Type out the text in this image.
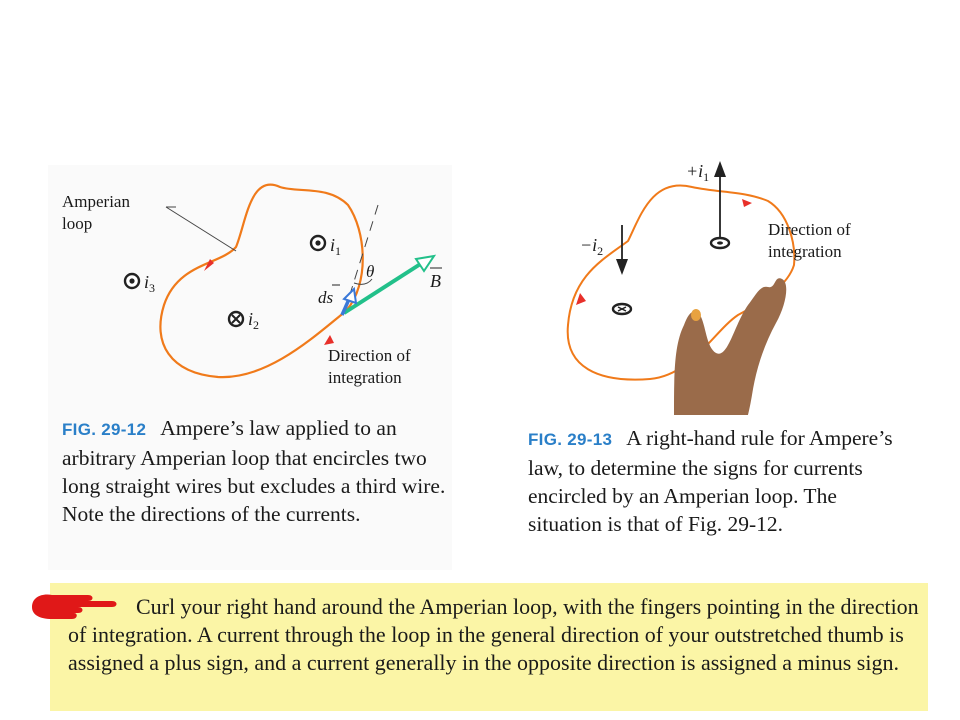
Amperian
loop
$i_1$
$i_3$
$i_2$
θ
ds
B
Direction of
integration
FIG. 29-12 Ampere’s law applied to an arbitrary Amperian loop that encircles two long straight wires but excludes a third wire. Note the directions of the currents.
$+i_1$
$-i_2$
Direction of
integration
FIG. 29-13 A right-hand rule for Ampere’s law, to determine the signs for currents encircled by an Amperian loop. The situation is that of Fig. 29-12.
Curl your right hand around the Amperian loop, with the fingers pointing in the direction of integration. A current through the loop in the general direction of your outstretched thumb is assigned a plus sign, and a current generally in the opposite direction is assigned a minus sign.
